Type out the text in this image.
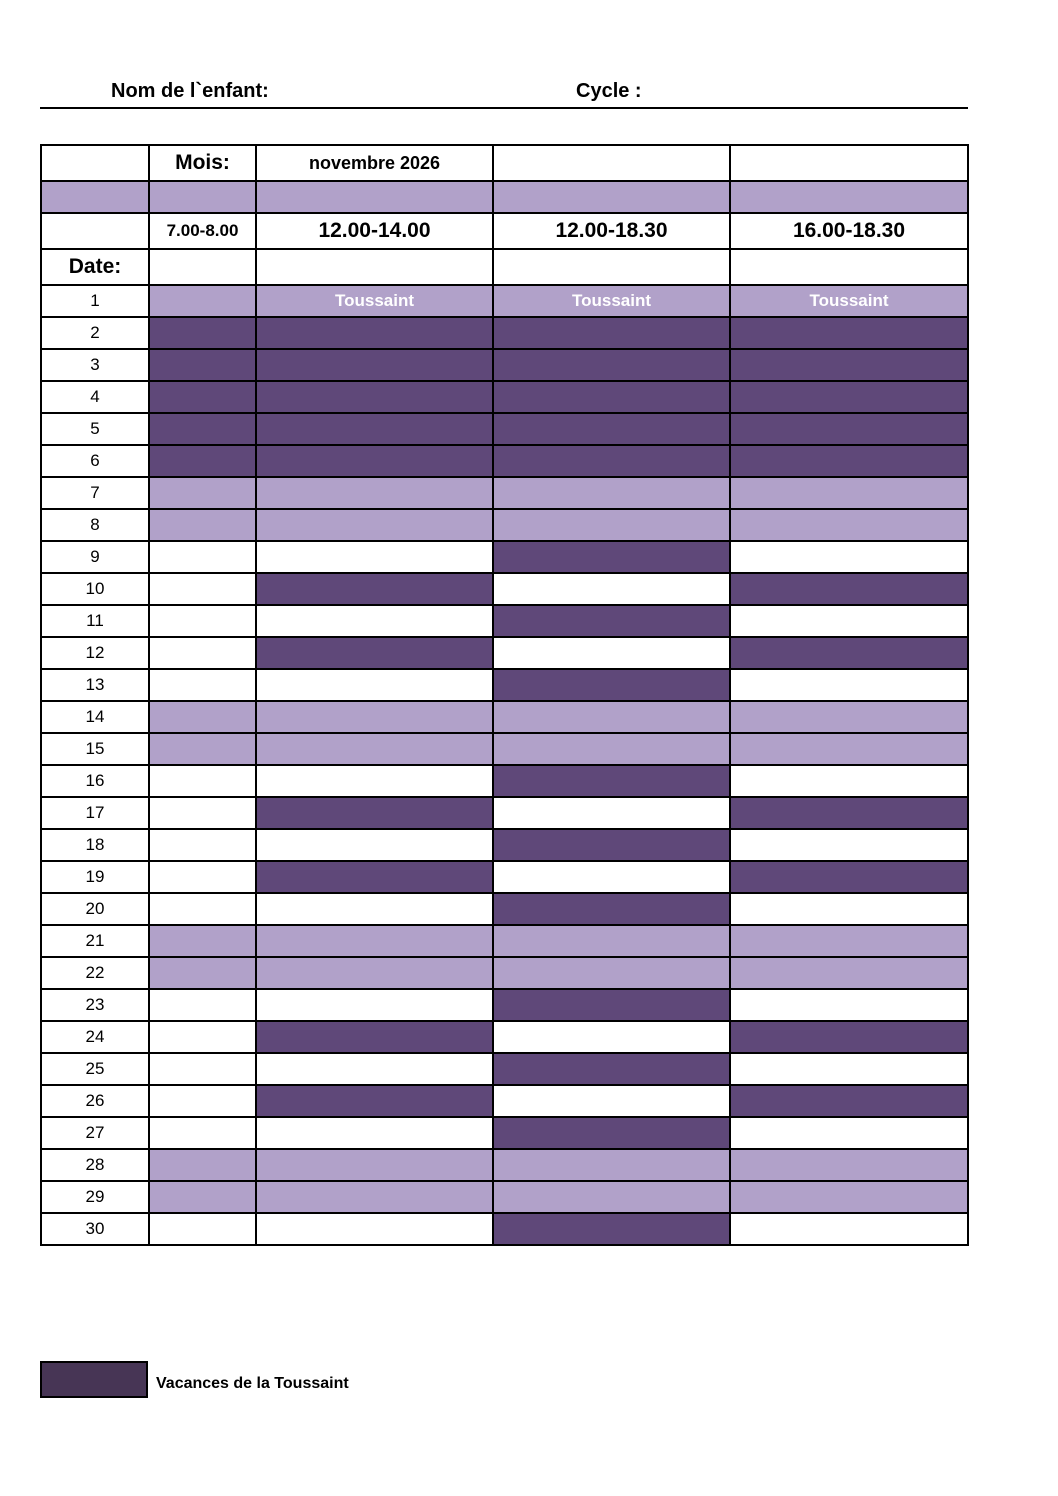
Nom de l`enfant:	Cycle :
	Mois:	novembre 2026		

	7.00-8.00	12.00-14.00	12.00-18.30	16.00-18.30
Date:				
1		Toussaint	Toussaint	Toussaint
2				
3				
4				
5				
6				
7				
8				
9				
10				
11				
12				
13				
14				
15				
16				
17				
18				
19				
20				
21				
22				
23				
24				
25				
26				
27				
28				
29				
30				
Vacances de la Toussaint
